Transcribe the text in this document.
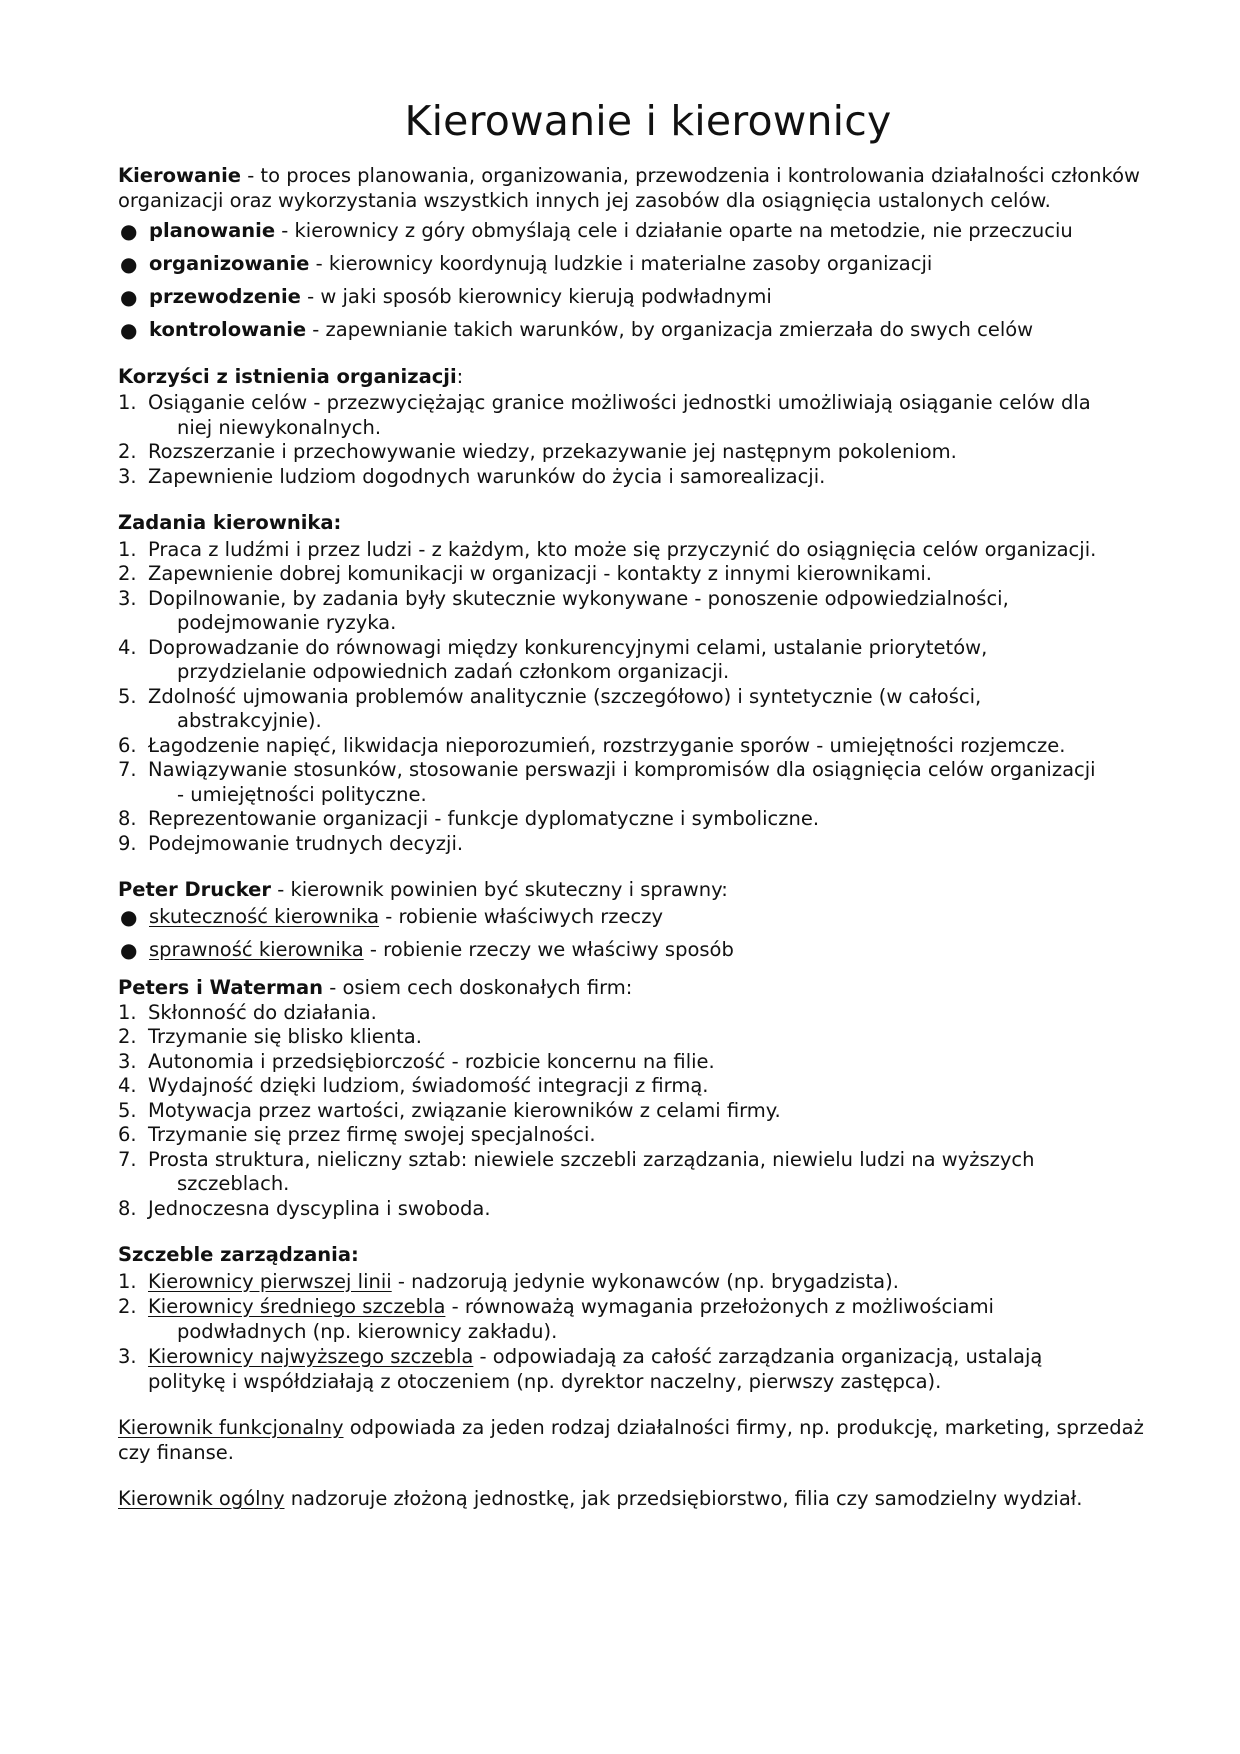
Kierowanie i kierownicy

Kierowanie - to proces planowania, organizowania, przewodzenia i kontrolowania działalności członków organizacji oraz wykorzystania wszystkich innych jej zasobów dla osiągnięcia ustalonych celów.

● planowanie - kierownicy z góry obmyślają cele i działanie oparte na metodzie, nie przeczuciu
● organizowanie - kierownicy koordynują ludzkie i materialne zasoby organizacji
● przewodzenie - w jaki sposób kierownicy kierują podwładnymi
● kontrolowanie - zapewnianie takich warunków, by organizacja zmierzała do swych celów

Korzyści z istnienia organizacji:

1. Osiąganie celów - przezwyciężając granice możliwości jednostki umożliwiają osiąganie celów dla
niej niewykonalnych.
2. Rozszerzanie i przechowywanie wiedzy, przekazywanie jej następnym pokoleniom.
3. Zapewnienie ludziom dogodnych warunków do życia i samorealizacji.

Zadania kierownika:

1. Praca z ludźmi i przez ludzi - z każdym, kto może się przyczynić do osiągnięcia celów organizacji.
2. Zapewnienie dobrej komunikacji w organizacji - kontakty z innymi kierownikami.
3. Dopilnowanie, by zadania były skutecznie wykonywane - ponoszenie odpowiedzialności,
podejmowanie ryzyka.
4. Doprowadzanie do równowagi między konkurencyjnymi celami, ustalanie priorytetów,
przydzielanie odpowiednich zadań członkom organizacji.
5. Zdolność ujmowania problemów analitycznie (szczegółowo) i syntetycznie (w całości,
abstrakcyjnie).
6. Łagodzenie napięć, likwidacja nieporozumień, rozstrzyganie sporów - umiejętności rozjemcze.
7. Nawiązywanie stosunków, stosowanie perswazji i kompromisów dla osiągnięcia celów organizacji
- umiejętności polityczne.
8. Reprezentowanie organizacji - funkcje dyplomatyczne i symboliczne.
9. Podejmowanie trudnych decyzji.

Peter Drucker - kierownik powinien być skuteczny i sprawny:

● skuteczność kierownika - robienie właściwych rzeczy
● sprawność kierownika - robienie rzeczy we właściwy sposób

Peters i Waterman - osiem cech doskonałych firm:

1. Skłonność do działania.
2. Trzymanie się blisko klienta.
3. Autonomia i przedsiębiorczość - rozbicie koncernu na filie.
4. Wydajność dzięki ludziom, świadomość integracji z firmą.
5. Motywacja przez wartości, związanie kierowników z celami firmy.
6. Trzymanie się przez firmę swojej specjalności.
7. Prosta struktura, nieliczny sztab: niewiele szczebli zarządzania, niewielu ludzi na wyższych
szczeblach.
8. Jednoczesna dyscyplina i swoboda.

Szczeble zarządzania:

1. Kierownicy pierwszej linii - nadzorują jedynie wykonawców (np. brygadzista).
2. Kierownicy średniego szczebla - równoważą wymagania przełożonych z możliwościami
podwładnych (np. kierownicy zakładu).
3. Kierownicy najwyższego szczebla - odpowiadają za całość zarządzania organizacją, ustalają
politykę i współdziałają z otoczeniem (np. dyrektor naczelny, pierwszy zastępca).

Kierownik funkcjonalny odpowiada za jeden rodzaj działalności firmy, np. produkcję, marketing, sprzedaż czy finanse.

Kierownik ogólny nadzoruje złożoną jednostkę, jak przedsiębiorstwo, filia czy samodzielny wydział.
